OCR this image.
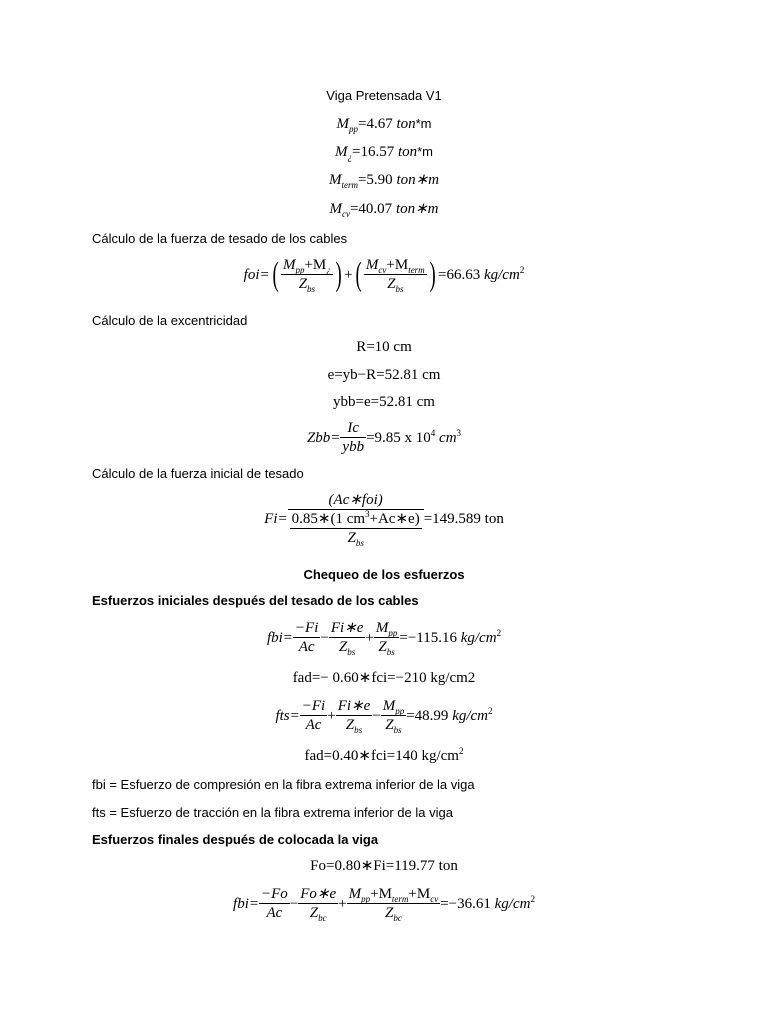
Viga Pretensada V1
$M_{pp}=4.67$ ton*m
$M_¿=16.57$ ton*m
$M_{term}=5.90$ ton∗m
$M_{cv}=40.07$ ton∗m
Cálculo de la fuerza de tesado de los cables
$foi=( \frac{M_{pp}+M_¿}{Z_{bs}}$ ) +( $\frac{M_{cv}+M_{term}}{Z_{bs}}$ ) =66.63 $kg/cm^2$
Cálculo de la excentricidad
R=10 cm
e=yb−R=52.81 cm
ybb=e=52.81 cm
$Zbb= \frac{Ic}{\text{ybb}} =9.85$ x $10^4$ $cm^3$
Cálculo de la fuerza inicial de tesado
$Fi= \frac{\text{(Ac∗foi)}}{\frac{0.85∗(1 cm^3+Ac∗e)}{Z_{bs}}} =149.589$ ton
Chequeo de los esfuerzos
Esfuerzos iniciales después del tesado de los cables
$fbi= \frac{-Fi}{Ac} - \frac{Fi∗e}{Z_{bs}} + \frac{M_{pp}}{Z_{bs}} =-115.16$ $kg/cm^2$
fad=− 0.60∗fci=−210 kg/cm2
$fts= \frac{-Fi}{Ac} + \frac{Fi∗e}{Z_{bs}} - \frac{M_{pp}}{Z_{bs}} =48.99$ $kg/cm^2$
fad=0.40∗fci=140 $kg/cm^2$
fbi = Esfuerzo de compresión en la fibra extrema inferior de la viga
fts = Esfuerzo de tracción en la fibra extrema inferior de la viga
Esfuerzos finales después de colocada la viga
Fo=0.80∗Fi=119.77 ton
$fbi= \frac{-Fo}{Ac} - \frac{Fo∗e}{Z_{bc}} + \frac{M_{pp}+M_{term}+M_{cv}}{Z_{bc}} =-36.61$ $kg/cm^2$
